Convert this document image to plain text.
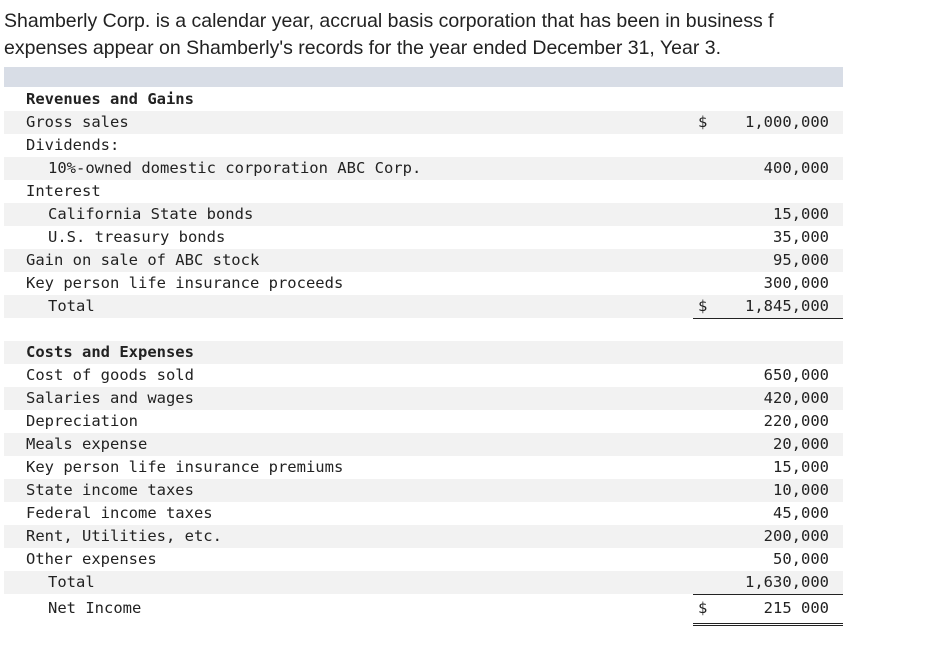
Shamberly Corp. is a calendar year, accrual basis corporation that has been in business f
expenses appear on Shamberly's records for the year ended December 31, Year 3.
Revenues and Gains
Gross sales	$	1,000,000
Dividends:
10%-owned domestic corporation ABC Corp.	400,000
Interest
California State bonds	15,000
U.S. treasury bonds	35,000
Gain on sale of ABC stock	95,000
Key person life insurance proceeds	300,000
Total	$	1,845,000
Costs and Expenses
Cost of goods sold	650,000
Salaries and wages	420,000
Depreciation	220,000
Meals expense	20,000
Key person life insurance premiums	15,000
State income taxes	10,000
Federal income taxes	45,000
Rent, Utilities, etc.	200,000
Other expenses	50,000
Total	1,630,000
Net Income	$	215 000
